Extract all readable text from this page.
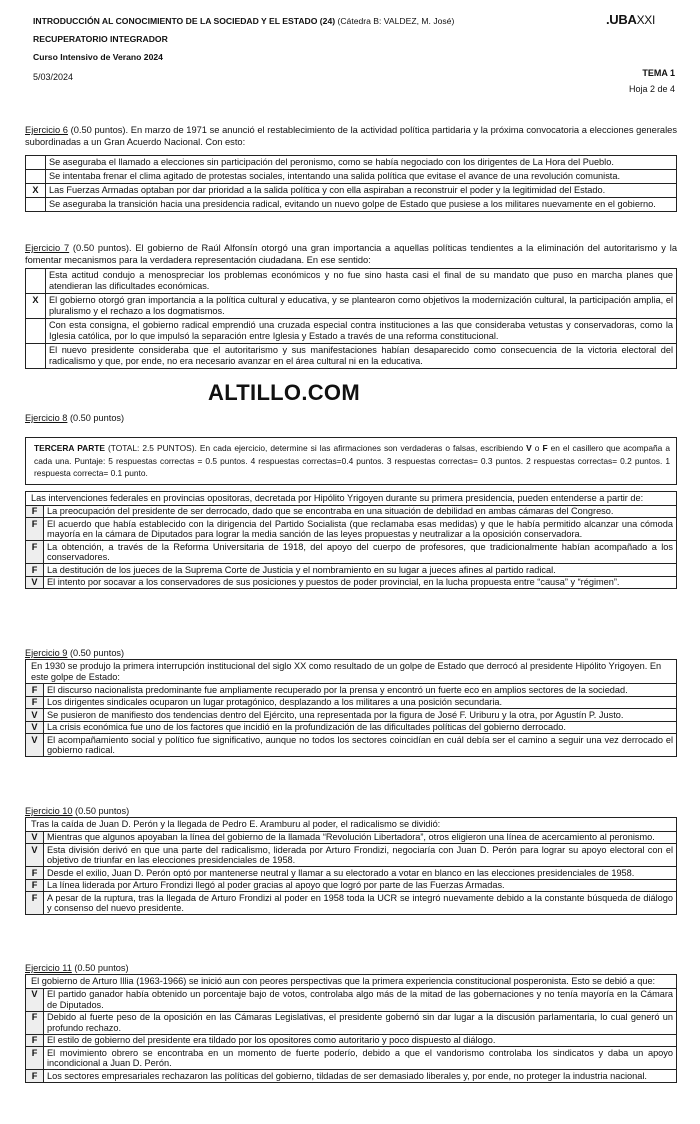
INTRODUCCIÓN AL CONOCIMIENTO DE LA SOCIEDAD Y EL ESTADO (24) (Cátedra B: VALDEZ, M. José)
RECUPERATORIO INTEGRADOR
Curso Intensivo de Verano 2024
.UBAXXI
5/03/2024	TEMA 1
Hoja 2 de 4

Ejercicio 6 (0.50 puntos). En marzo de 1971 se anunció el restablecimiento de la actividad política partidaria y la próxima convocatoria a elecciones generales subordinadas a un Gran Acuerdo Nacional. Con esto:

	Se aseguraba el llamado a elecciones sin participación del peronismo, como se había negociado con los dirigentes de La Hora del Pueblo.
	Se intentaba frenar el clima agitado de protestas sociales, intentando una salida política que evitase el avance de una revolución comunista.
X	Las Fuerzas Armadas optaban por dar prioridad a la salida política y con ella aspiraban a reconstruir el poder y la legitimidad del Estado.
	Se aseguraba la transición hacia una presidencia radical, evitando un nuevo golpe de Estado que pusiese a los militares nuevamente en el gobierno.

Ejercicio 7 (0.50 puntos). El gobierno de Raúl Alfonsín otorgó una gran importancia a aquellas políticas tendientes a la eliminación del autoritarismo y la fomentar mecanismos para la verdadera representación ciudadana. En ese sentido:

	Esta actitud condujo a menospreciar los problemas económicos y no fue sino hasta casi el final de su mandato que puso en marcha planes que atendieran las dificultades económicas.
X	El gobierno otorgó gran importancia a la política cultural y educativa, y se plantearon como objetivos la modernización cultural, la participación amplia, el pluralismo y el rechazo a los dogmatismos.
	Con esta consigna, el gobierno radical emprendió una cruzada especial contra instituciones a las que consideraba vetustas y conservadoras, como la Iglesia católica, por lo que impulsó la separación entre Iglesia y Estado a través de una reforma constitucional.
	El nuevo presidente consideraba que el autoritarismo y sus manifestaciones habían desaparecido como consecuencia de la victoria electoral del radicalismo y que, por ende, no era necesario avanzar en el área cultural ni en la educativa.
ALTILLO.COM
Ejercicio 8 (0.50 puntos)
TERCERA PARTE (TOTAL: 2.5 PUNTOS). En cada ejercicio, determine si las afirmaciones son verdaderas o falsas, escribiendo V o F en el casillero que acompaña a cada una. Puntaje: 5 respuestas correctas = 0.5 puntos. 4 respuestas correctas=0.4 puntos. 3 respuestas correctas= 0.3 puntos. 2 respuestas correctas= 0.2 puntos. 1 respuesta correcta= 0.1 punto.
Las intervenciones federales en provincias opositoras, decretada por Hipólito Yrigoyen durante su primera presidencia, pueden entenderse a partir de:	
F	La preocupación del presidente de ser derrocado, dado que se encontraba en una situación de debilidad en ambas cámaras del Congreso.
F	El acuerdo que había establecido con la dirigencia del Partido Socialista (que reclamaba esas medidas) y que le había permitido alcanzar una cómoda mayoría en la cámara de Diputados para lograr la media sanción de las leyes propuestas y neutralizar a la oposición conservadora.
F	La obtención, a través de la Reforma Universitaria de 1918, del apoyo del cuerpo de profesores, que tradicionalmente habían acompañado a los conservadores.
F	La destitución de los jueces de la Suprema Corte de Justicia y el nombramiento en su lugar a jueces afines al partido radical.
V	El intento por socavar a los conservadores de sus posiciones y puestos de poder provincial, en la lucha propuesta entre “causa” y “régimen”.
Ejercicio 9 (0.50 puntos)
En 1930 se produjo la primera interrupción institucional del siglo XX como resultado de un golpe de Estado que derrocó al presidente Hipólito Yrigoyen. En este golpe de Estado:	
F	El discurso nacionalista predominante fue ampliamente recuperado por la prensa y encontró un fuerte eco en amplios sectores de la sociedad.
F	Los dirigentes sindicales ocuparon un lugar protagónico, desplazando a los militares a una posición secundaria.
V	Se pusieron de manifiesto dos tendencias dentro del Ejército, una representada por la figura de José F. Uriburu y la otra, por Agustín P. Justo.
V	La crisis económica fue uno de los factores que incidió en la profundización de las dificultades políticas del gobierno derrocado.
V	El acompañamiento social y político fue significativo, aunque no todos los sectores coincidían en cuál debía ser el camino a seguir una vez derrocado el gobierno radical.
Ejercicio 10 (0.50 puntos)
Tras la caída de Juan D. Perón y la llegada de Pedro E. Aramburu al poder, el radicalismo se dividió:	
V	Mientras que algunos apoyaban la línea del gobierno de la llamada “Revolución Libertadora”, otros eligieron una línea de acercamiento al peronismo.
V	Esta división derivó en que una parte del radicalismo, liderada por Arturo Frondizi, negociaría con Juan D. Perón para lograr su apoyo electoral con el objetivo de triunfar en las elecciones presidenciales de 1958.
F	Desde el exilio, Juan D. Perón optó por mantenerse neutral y llamar a su electorado a votar en blanco en las elecciones presidenciales de 1958.
F	La línea liderada por Arturo Frondizi llegó al poder gracias al apoyo que logró por parte de las Fuerzas Armadas.
F	A pesar de la ruptura, tras la llegada de Arturo Frondizi al poder en 1958 toda la UCR se integró nuevamente debido a la constante búsqueda de diálogo y consenso del nuevo presidente.
Ejercicio 11 (0.50 puntos)
El gobierno de Arturo Illia (1963-1966) se inició aun con peores perspectivas que la primera experiencia constitucional posperonista. Esto se debió a que:	
V	El partido ganador había obtenido un porcentaje bajo de votos, controlaba algo más de la mitad de las gobernaciones y no tenía mayoría en la Cámara de Diputados.
F	Debido al fuerte peso de la oposición en las Cámaras Legislativas, el presidente gobernó sin dar lugar a la discusión parlamentaria, lo cual generó un profundo rechazo.
F	El estilo de gobierno del presidente era tildado por los opositores como autoritario y poco dispuesto al diálogo.
F	El movimiento obrero se encontraba en un momento de fuerte poderío, debido a que el vandorismo controlaba los sindicatos y daba un apoyo incondicional a Juan D. Perón.
F	Los sectores empresariales rechazaron las políticas del gobierno, tildadas de ser demasiado liberales y, por ende, no proteger la industria nacional.
